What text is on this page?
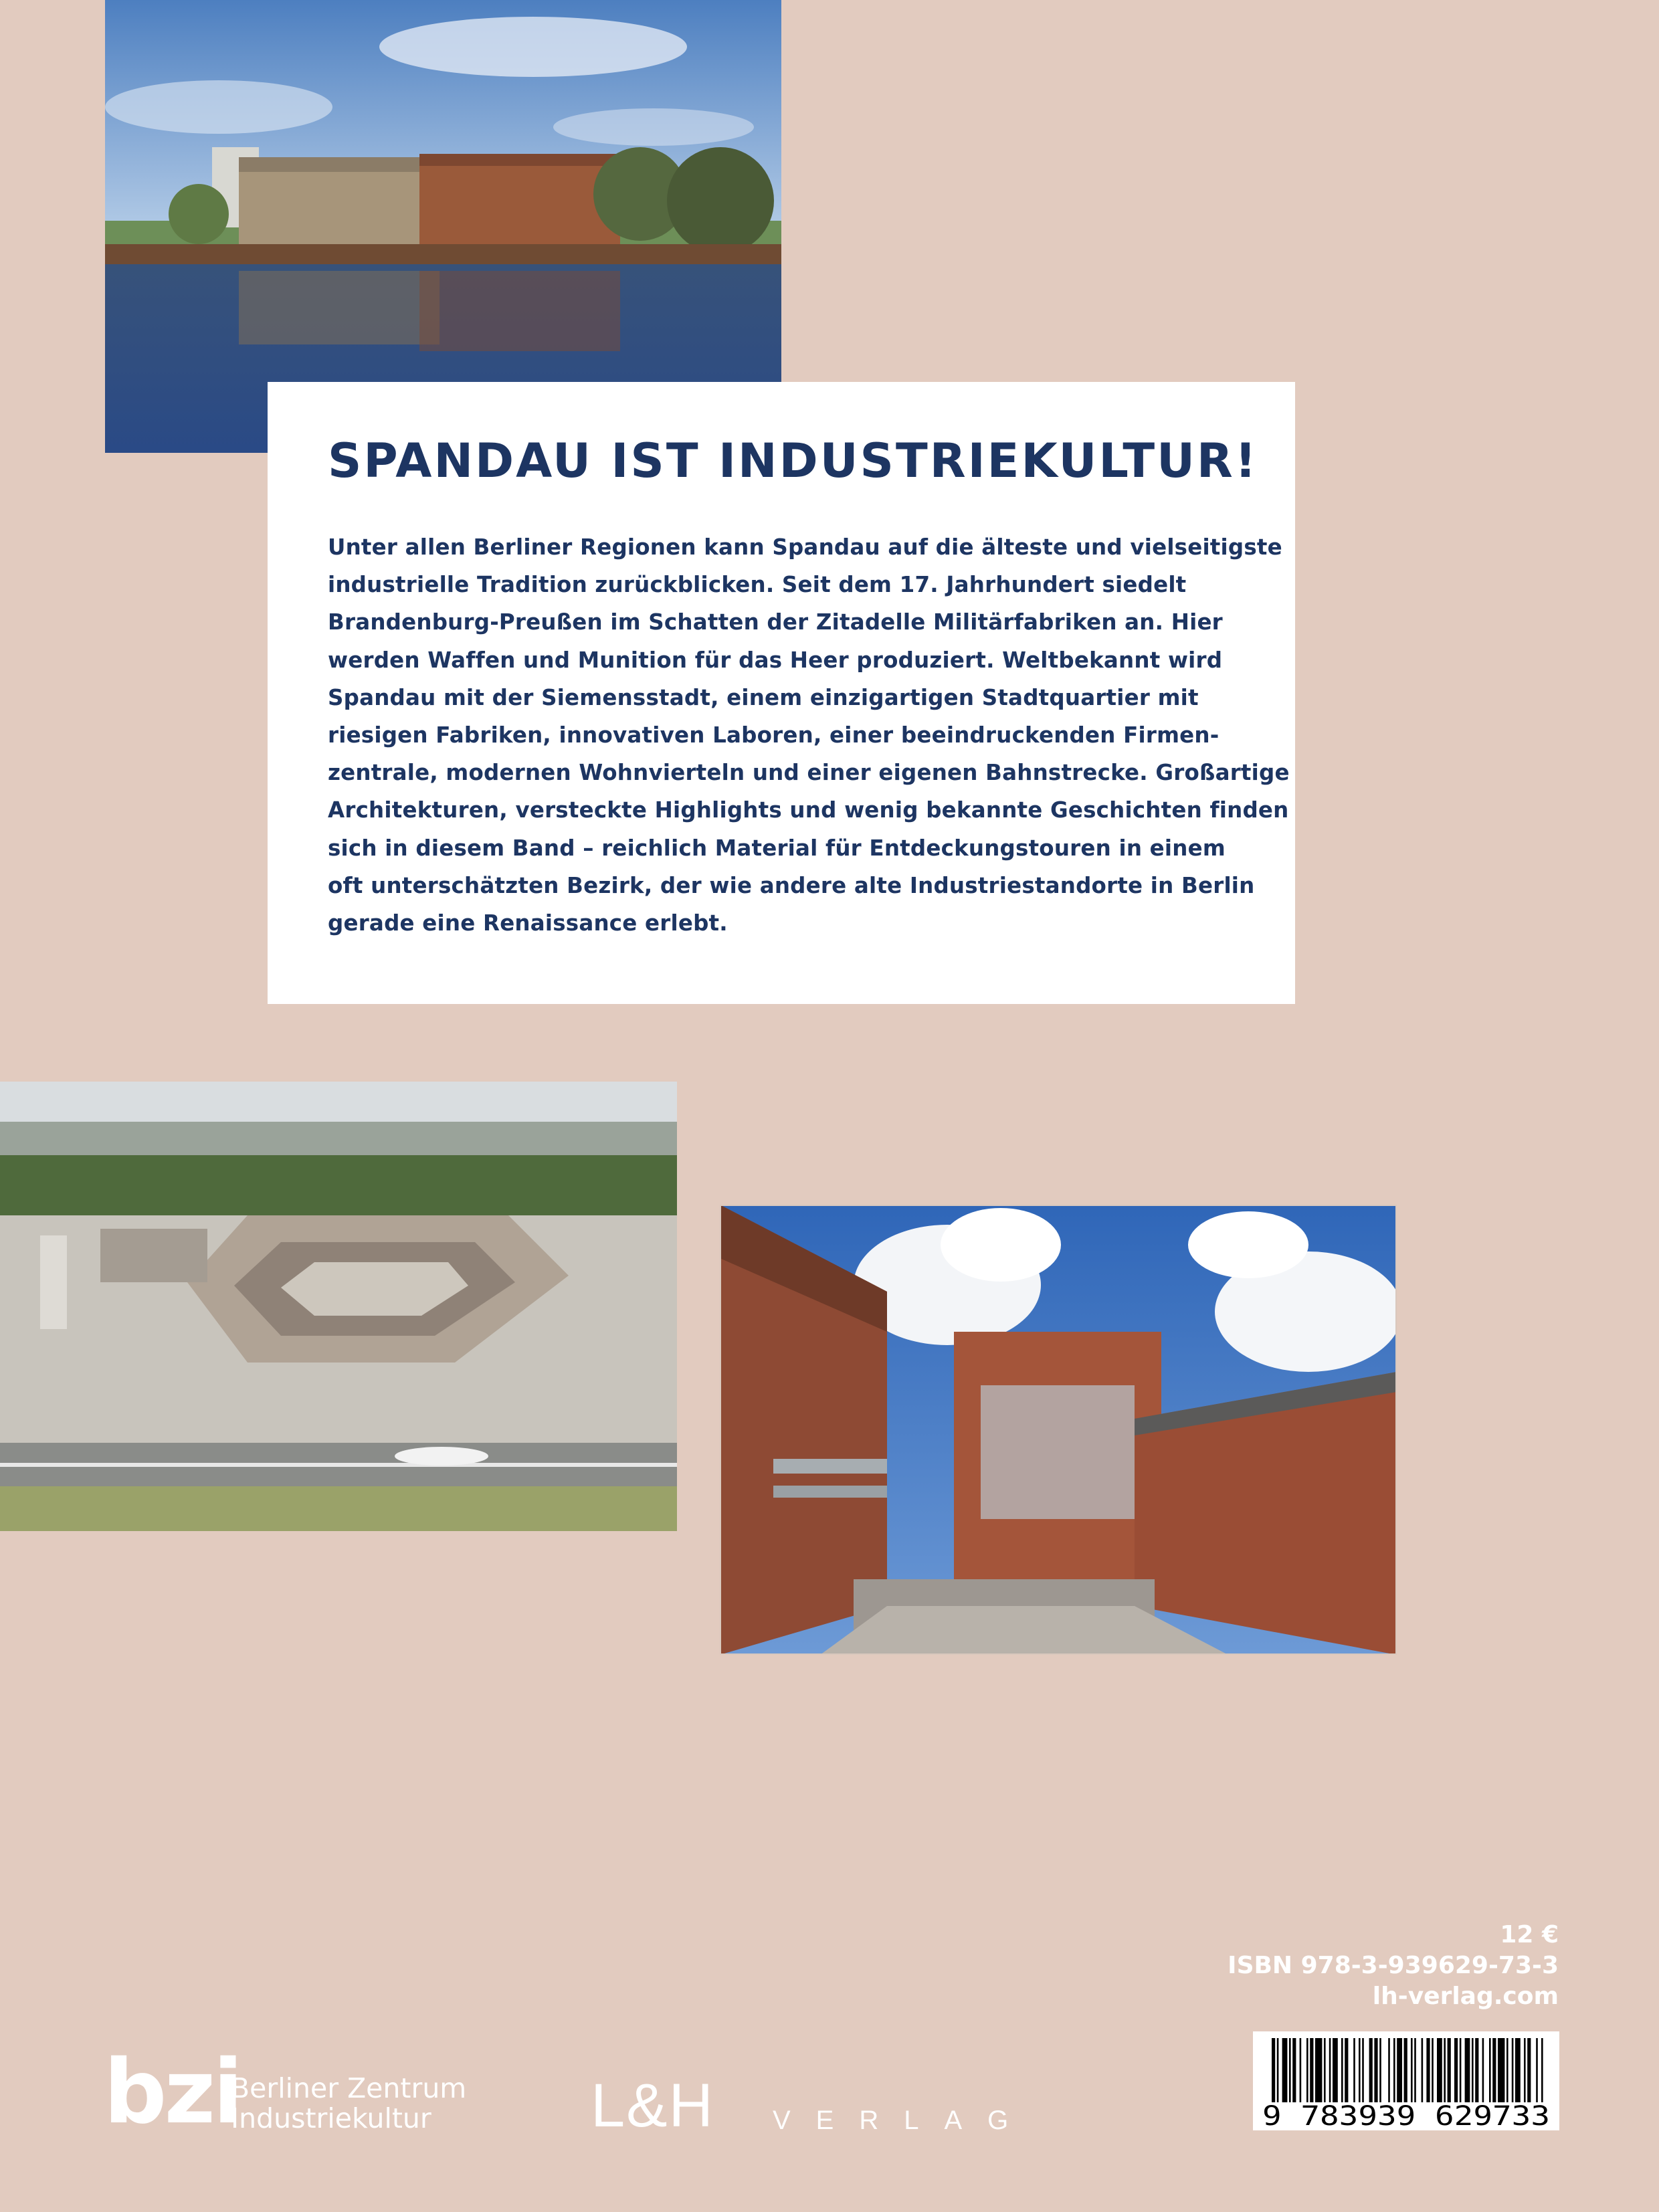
SPANDAU IST INDUSTRIEKULTUR!
Unter allen Berliner Regionen kann Spandau auf die älteste und vielseitigste
industrielle Tradition zurückblicken. Seit dem 17. Jahrhundert siedelt
Brandenburg-Preußen im Schatten der Zitadelle Militärfabriken an. Hier
werden Waffen und Munition für das Heer produziert. Weltbekannt wird
Spandau mit der Siemensstadt, einem einzigartigen Stadtquartier mit
riesigen Fabriken, innovativen Laboren, einer beeindruckenden Firmen-
zentrale, modernen Wohnvierteln und einer eigenen Bahnstrecke. Großartige
Architekturen, versteckte Highlights und wenig bekannte Geschichten finden
sich in diesem Band – reichlich Material für Entdeckungstouren in einem
oft unterschätzten Bezirk, der wie andere alte Industriestandorte in Berlin
gerade eine Renaissance erlebt.
12 €
ISBN 978-3-939629-73-3
lh-verlag.com
9 783939 629733
bzi
Berliner Zentrum
Industriekultur	L&H VERLAG
